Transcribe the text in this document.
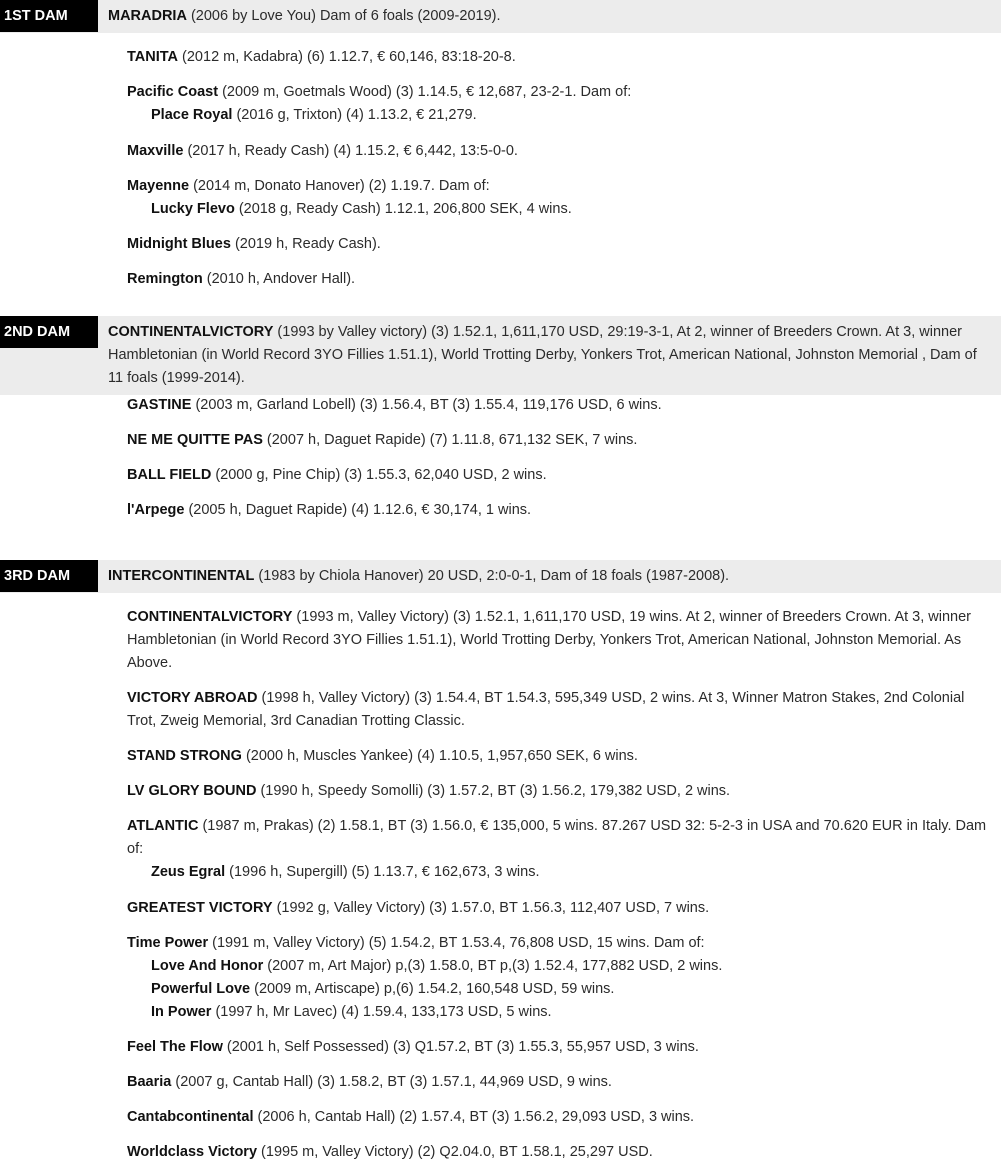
1ST DAM	MARADRIA (2006 by Love You) Dam of 6 foals (2009-2019).
TANITA (2012 m, Kadabra) (6) 1.12.7, € 60,146, 83:18-20-8.
Pacific Coast (2009 m, Goetmals Wood) (3) 1.14.5, € 12,687, 23-2-1. Dam of:
Place Royal (2016 g, Trixton) (4) 1.13.2, € 21,279.
Maxville (2017 h, Ready Cash) (4) 1.15.2, € 6,442, 13:5-0-0.
Mayenne (2014 m, Donato Hanover) (2) 1.19.7. Dam of:
Lucky Flevo (2018 g, Ready Cash) 1.12.1, 206,800 SEK, 4 wins.
Midnight Blues (2019 h, Ready Cash).
Remington (2010 h, Andover Hall).
2ND DAM	CONTINENTALVICTORY (1993 by Valley victory) (3) 1.52.1, 1,611,170 USD, 29:19-3-1, At 2, winner of Breeders Crown. At 3, winner Hambletonian (in World Record 3YO Fillies 1.51.1), World Trotting Derby, Yonkers Trot, American National, Johnston Memorial , Dam of 11 foals (1999-2014).
GASTINE (2003 m, Garland Lobell) (3) 1.56.4, BT (3) 1.55.4, 119,176 USD, 6 wins.
NE ME QUITTE PAS (2007 h, Daguet Rapide) (7) 1.11.8, 671,132 SEK, 7 wins.
BALL FIELD (2000 g, Pine Chip) (3) 1.55.3, 62,040 USD, 2 wins.
l'Arpege (2005 h, Daguet Rapide) (4) 1.12.6, € 30,174, 1 wins.
3RD DAM	INTERCONTINENTAL (1983 by Chiola Hanover) 20 USD, 2:0-0-1, Dam of 18 foals (1987-2008).
CONTINENTALVICTORY (1993 m, Valley Victory) (3) 1.52.1, 1,611,170 USD, 19 wins. At 2, winner of Breeders Crown. At 3, winner Hambletonian (in World Record 3YO Fillies 1.51.1), World Trotting Derby, Yonkers Trot, American National, Johnston Memorial. As Above.
VICTORY ABROAD (1998 h, Valley Victory) (3) 1.54.4, BT 1.54.3, 595,349 USD, 2 wins. At 3, Winner Matron Stakes, 2nd Colonial Trot, Zweig Memorial, 3rd Canadian Trotting Classic.
STAND STRONG (2000 h, Muscles Yankee) (4) 1.10.5, 1,957,650 SEK, 6 wins.
LV GLORY BOUND (1990 h, Speedy Somolli) (3) 1.57.2, BT (3) 1.56.2, 179,382 USD, 2 wins.
ATLANTIC (1987 m, Prakas) (2) 1.58.1, BT (3) 1.56.0, € 135,000, 5 wins. 87.267 USD 32: 5-2-3 in USA and 70.620 EUR in Italy. Dam of:
Zeus Egral (1996 h, Supergill) (5) 1.13.7, € 162,673, 3 wins.
GREATEST VICTORY (1992 g, Valley Victory) (3) 1.57.0, BT 1.56.3, 112,407 USD, 7 wins.
Time Power (1991 m, Valley Victory) (5) 1.54.2, BT 1.53.4, 76,808 USD, 15 wins. Dam of:
Love And Honor (2007 m, Art Major) p,(3) 1.58.0, BT p,(3) 1.52.4, 177,882 USD, 2 wins.
Powerful Love (2009 m, Artiscape) p,(6) 1.54.2, 160,548 USD, 59 wins.
In Power (1997 h, Mr Lavec) (4) 1.59.4, 133,173 USD, 5 wins.
Feel The Flow (2001 h, Self Possessed) (3) Q1.57.2, BT (3) 1.55.3, 55,957 USD, 3 wins.
Baaria (2007 g, Cantab Hall) (3) 1.58.2, BT (3) 1.57.1, 44,969 USD, 9 wins.
Cantabcontinental (2006 h, Cantab Hall) (2) 1.57.4, BT (3) 1.56.2, 29,093 USD, 3 wins.
Worldclass Victory (1995 m, Valley Victory) (2) Q2.04.0, BT 1.58.1, 25,297 USD.
